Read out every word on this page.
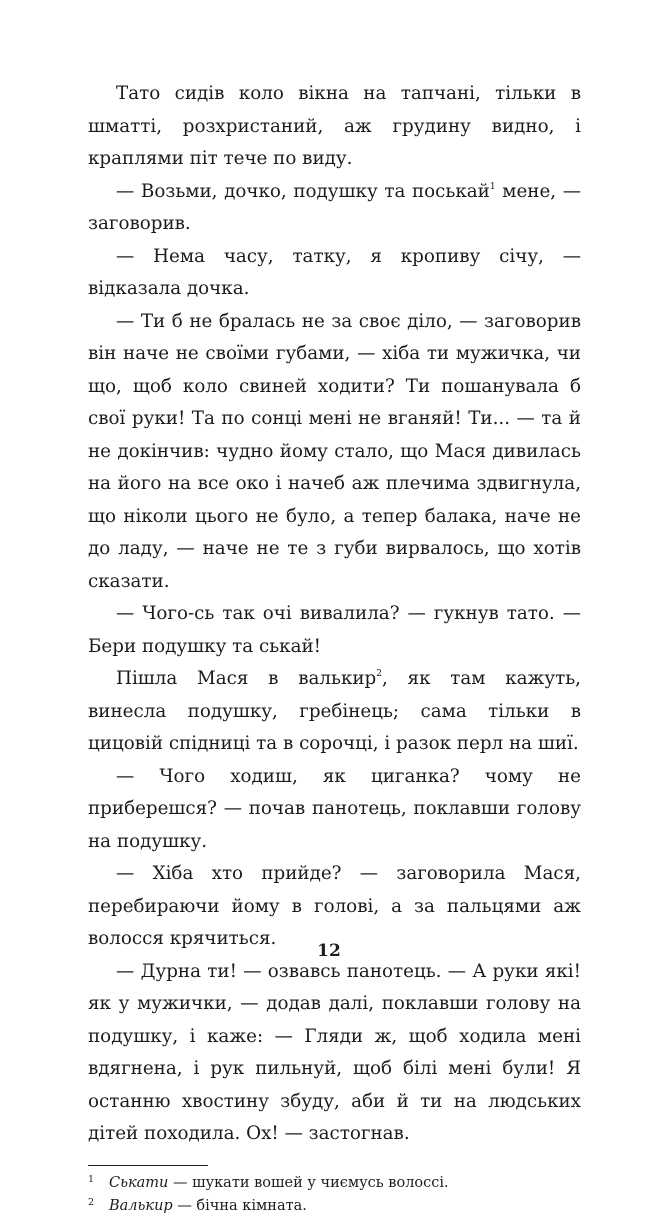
Тато сидів коло вікна на тапчані, тільки в шматті, розхристаний, аж грудину видно, і краплями піт тече по виду.

— Возьми, дочко, подушку та поськай$^1$ мене, — заговорив.

— Нема часу, татку, я кропиву січу, — відказала дочка.

— Ти б не бралась не за своє діло, — заговорив він наче не своїми губами, — хіба ти мужичка, чи що, щоб коло свиней ходити? Ти пошанувала б свої руки! Та по сонці мені не вганяй! Ти... — та й не докінчив: чудно йому стало, що Мася дивилась на його на все око і начеб аж плечима здвигнула, що ніколи цього не було, а тепер балака, наче не до ладу, — наче не те з губи вирвалось, що хотів сказати.

— Чого-сь так очі вивалила? — гукнув тато. — Бери подушку та ськай!

Пішла Мася в валькир$^2$, як там кажуть, винесла подушку, гребінець; сама тільки в цицовій спідниці та в сорочці, і разок перл на шиї.

— Чого ходиш, як циганка? чому не приберешся? — почав панотець, поклавши голову на подушку.

— Хіба хто прийде? — заговорила Мася, перебираючи йому в голові, а за пальцями аж волосся крячиться.

— Дурна ти! — озвавсь панотець. — А руки які! як у мужички, — додав далі, поклавши голову на подушку, і каже: — Гляди ж, щоб ходила мені вдягнена, і рук пильнуй, щоб білі мені були! Я останню хвостину збуду, аби й ти на людських дітей походила. Ох! — застогнав.

1 Ськати — шукати вошей у чиємусь волоссі.

2 Валькир — бічна кімната.

12
